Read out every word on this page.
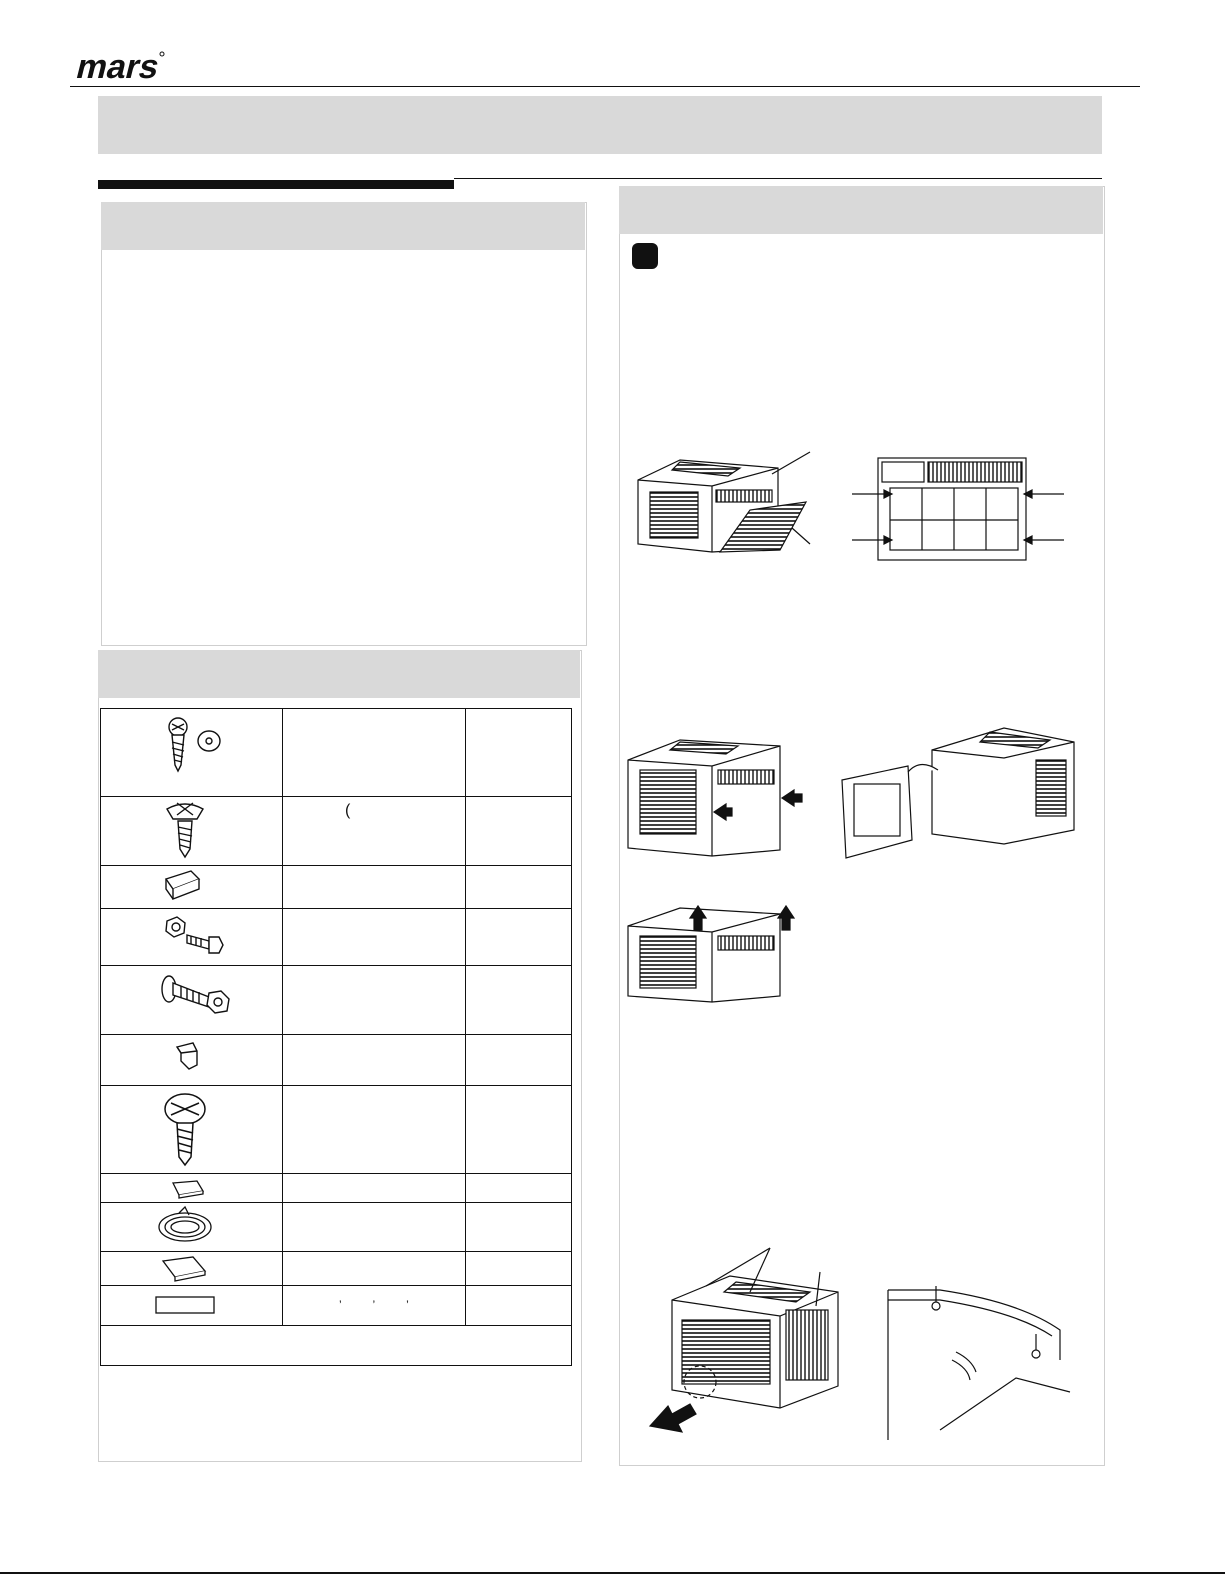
mars
(
’ ’ ’
